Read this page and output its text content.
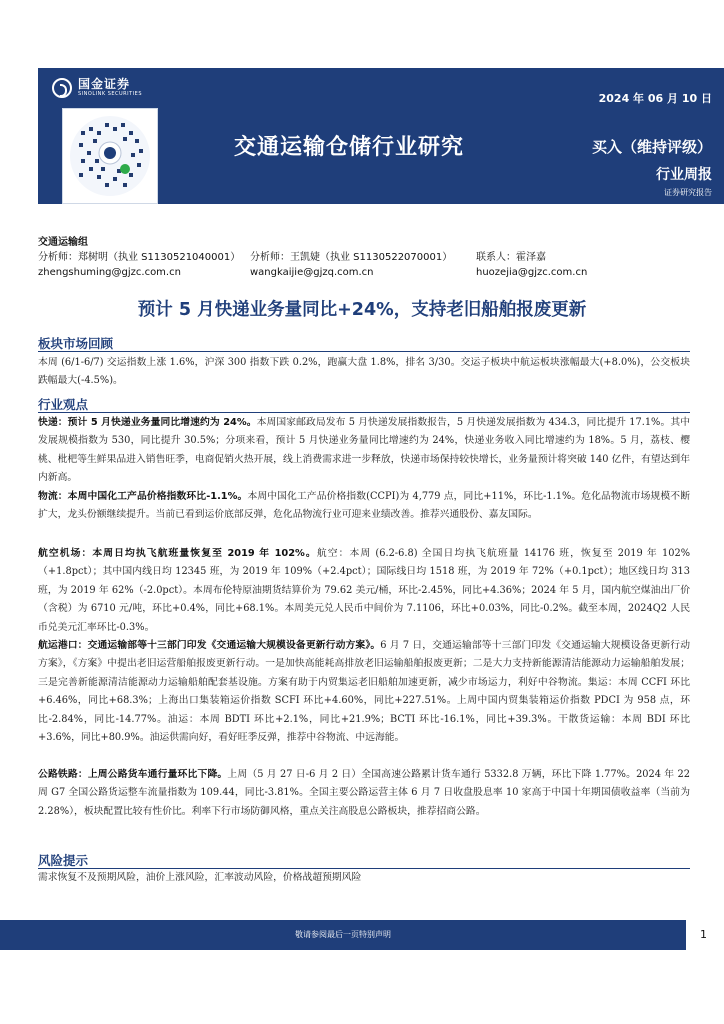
国金证券
SINOLINK SECURITIES	2024 年 06 月 10 日
交通运输仓储行业研究	买入（维持评级）
行业周报
证券研究报告
交通运输组
分析师：郑树明（执业 S1130521040001） 分析师：王凯婕（执业 S1130522070001）	联系人：霍泽嘉
zhengshuming@gjzc.com.cn	wangkaijie@gjzq.com.cn	huozejia@gjzc.com.cn
预计 5 月快递业务量同比+24%，支持老旧船舶报废更新
板块市场回顾
本周 (6/1-6/7) 交运指数上涨 1.6%，沪深 300 指数下跌 0.2%，跑赢大盘 1.8%，排名 3/30。交运子板块中航运板块涨幅最大(+8.0%)，公交板块跌幅最大(-4.5%)。
行业观点
快递：预计 5 月快递业务量同比增速约为 24%。本周国家邮政局发布 5 月快递发展指数报告，5 月快递发展指数为 434.3，同比提升 17.1%。其中发展规模指数为 530，同比提升 30.5%；分项来看，预计 5 月快递业务量同比增速约为 24%，快递业务收入同比增速约为 18%。5 月，荔枝、樱桃、枇杷等生鲜果品进入销售旺季，电商促销火热开展，线上消费需求进一步释放，快递市场保持较快增长，业务量预计将突破 140 亿件，有望达到年内新高。
物流：本周中国化工产品价格指数环比-1.1%。本周中国化工产品价格指数(CCPI)为 4,779 点，同比+11%，环比-1.1%。危化品物流市场规模不断扩大，龙头份额继续提升。当前已看到运价底部反弹，危化品物流行业可迎来业绩改善。推荐兴通股份、嘉友国际。
航空机场：本周日均执飞航班量恢复至 2019 年 102%。航空：本周 (6.2-6.8) 全国日均执飞航班量 14176 班，恢复至 2019 年 102%（+1.8pct）；其中国内线日均 12345 班，为 2019 年 109%（+2.4pct）；国际线日均 1518 班，为 2019 年 72%（+0.1pct）；地区线日均 313 班，为 2019 年 62%（-2.0pct）。本周布伦特原油期货结算价为 79.62 美元/桶，环比-2.45%，同比+4.36%；2024 年 5 月，国内航空煤油出厂价（含税）为 6710 元/吨，环比+0.4%，同比+68.1%。本周美元兑人民币中间价为 7.1106，环比+0.03%，同比-0.2%。截至本周，2024Q2 人民币兑美元汇率环比-0.3%。
航运港口：交通运输部等十三部门印发《交通运输大规模设备更新行动方案》。6 月 7 日，交通运输部等十三部门印发《交通运输大规模设备更新行动方案》，《方案》中提出老旧运营船舶报废更新行动。一是加快高能耗高排放老旧运输船舶报废更新；二是大力支持新能源清洁能源动力运输船舶发展；三是完善新能源清洁能源动力运输船舶配套基设施。方案有助于内贸集运老旧船舶加速更新，减少市场运力，利好中谷物流。集运：本周 CCFI 环比+6.46%，同比+68.3%；上海出口集装箱运价指数 SCFI 环比+4.60%，同比+227.51%。上周中国内贸集装箱运价指数 PDCI 为 958 点，环比-2.84%，同比-14.77%。油运：本周 BDTI 环比+2.1%，同比+21.9%；BCTI 环比-16.1%，同比+39.3%。干散货运输：本周 BDI 环比+3.6%，同比+80.9%。油运供需向好，看好旺季反弹，推荐中谷物流、中远海能。
公路铁路：上周公路货车通行量环比下降。上周（5 月 27 日-6 月 2 日）全国高速公路累计货车通行 5332.8 万辆，环比下降 1.77%。2024 年 22 周 G7 全国公路货运整车流量指数为 109.44，同比-3.81%。全国主要公路运营主体 6 月 7 日收盘股息率 10 家高于中国十年期国债收益率（当前为 2.28%），板块配置比较有性价比。利率下行市场防御风格，重点关注高股息公路板块，推荐招商公路。
风险提示
需求恢复不及预期风险，油价上涨风险，汇率波动风险，价格战超预期风险
敬请参阅最后一页特别声明	1
